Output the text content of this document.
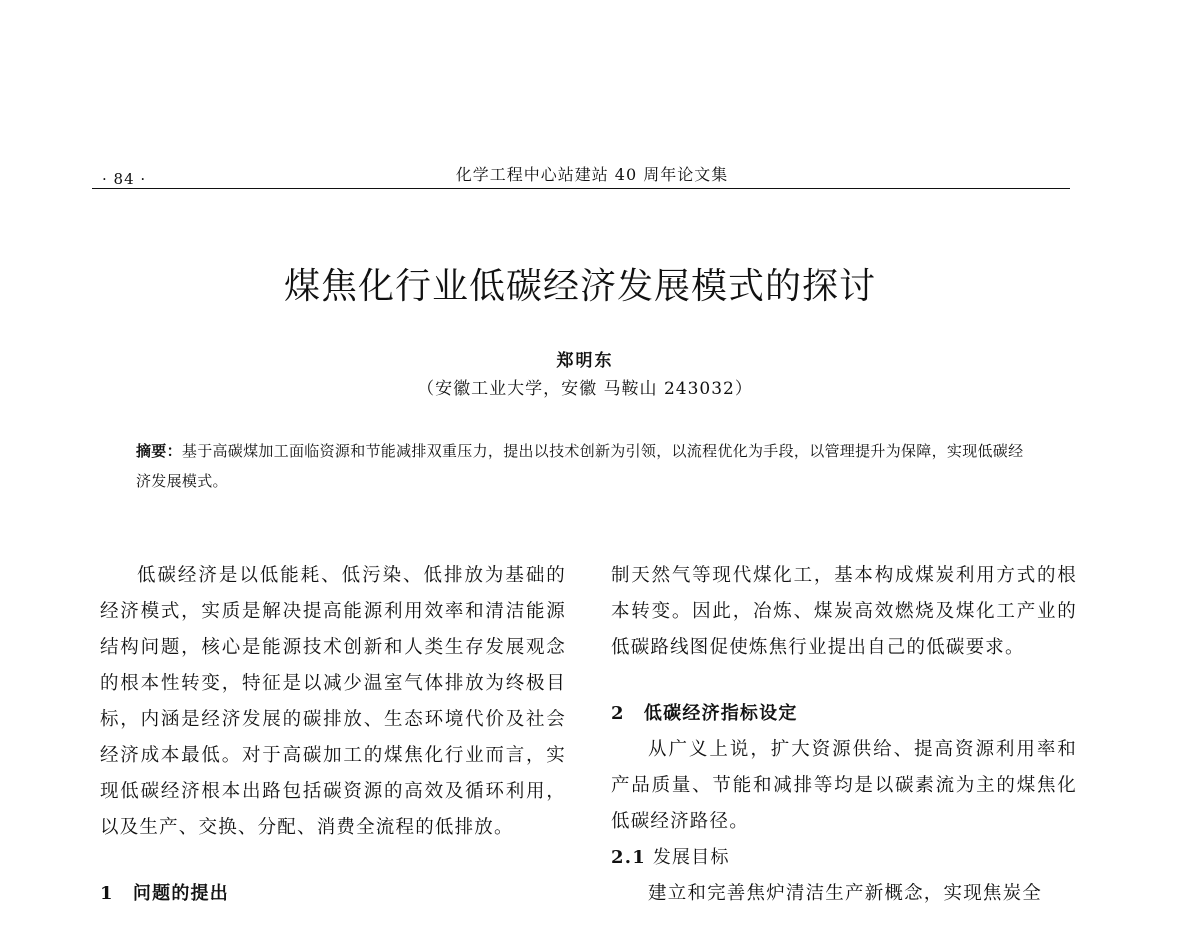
· 84 ·	化学工程中心站建站 40 周年论文集
煤焦化行业低碳经济发展模式的探讨
郑明东
（安徽工业大学，安徽 马鞍山 243032）
摘要：基于高碳煤加工面临资源和节能减排双重压力，提出以技术创新为引领，以流程优化为手段，以管理提升为保障，实现低碳经济发展模式。

低碳经济是以低能耗、低污染、低排放为基础的经济模式，实质是解决提高能源利用效率和清洁能源结构问题，核心是能源技术创新和人类生存发展观念的根本性转变，特征是以减少温室气体排放为终极目标，内涵是经济发展的碳排放、生态环境代价及社会经济成本最低。对于高碳加工的煤焦化行业而言，实现低碳经济根本出路包括碳资源的高效及循环利用，以及生产、交换、分配、消费全流程的低排放。

1　问题的提出

制天然气等现代煤化工，基本构成煤炭利用方式的根本转变。因此，冶炼、煤炭高效燃烧及煤化工产业的低碳路线图促使炼焦行业提出自己的低碳要求。

2　低碳经济指标设定

从广义上说，扩大资源供给、提高资源利用率和产品质量、节能和减排等均是以碳素流为主的煤焦化低碳经济路径。

2.1 发展目标

建立和完善焦炉清洁生产新概念，实现焦炭全
